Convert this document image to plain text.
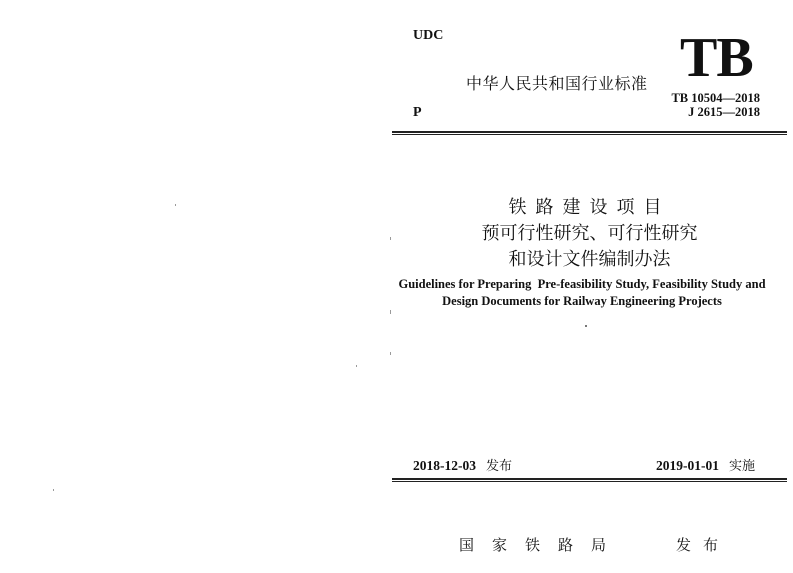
UDC
P
中华人民共和国行业标准 TB
TB 10504—2018
J 2615—2018
铁路建设项目
预可行性研究、可行性研究
和设计文件编制办法
Guidelines for Preparing  Pre-feasibility Study, Feasibility Study and
Design Documents for Railway Engineering Projects
2018-12-03 发布	2019-01-01 实施
国家铁路局	发布
